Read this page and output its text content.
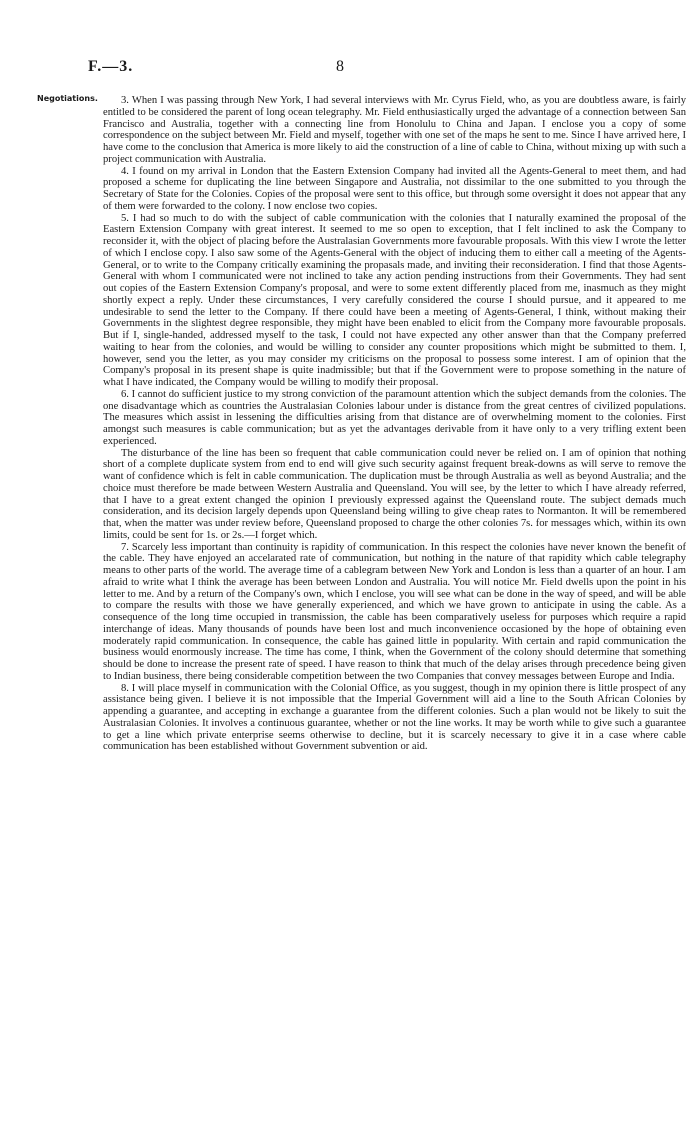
F.—3.	8
Negotiations.	3. When I was passing through New York, I had several interviews with Mr. Cyrus Field, who, as you are doubtless aware, is fairly entitled to be considered the parent of long ocean telegraphy. Mr. Field enthusiastically urged the advantage of a connection between San Francisco and Australia, together with a connecting line from Honolulu to China and Japan. I enclose you a copy of some correspondence on the subject between Mr. Field and myself, together with one set of the maps he sent to me. Since I have arrived here, I have come to the conclusion that America is more likely to aid the construction of a line of cable to China, without mixing up with such a project communication with Australia.

4. I found on my arrival in London that the Eastern Extension Company had invited all the Agents-General to meet them, and had proposed a scheme for duplicating the line between Singapore and Australia, not dissimilar to the one submitted to you through the Secretary of State for the Colonies. Copies of the proposal were sent to this office, but through some oversight it does not appear that any of them were forwarded to the colony. I now enclose two copies.

5. I had so much to do with the subject of cable communication with the colonies that I naturally examined the proposal of the Eastern Extension Company with great interest. It seemed to me so open to exception, that I felt inclined to ask the Company to reconsider it, with the object of placing before the Australasian Governments more favourable proposals. With this view I wrote the letter of which I enclose copy. I also saw some of the Agents-General with the object of inducing them to either call a meeting of the Agents-General, or to write to the Company critically examining the propasals made, and inviting their reconsideration. I find that those Agents-General with whom I communicated were not inclined to take any action pending instructions from their Governments. They had sent out copies of the Eastern Extension Company's proposal, and were to some extent differently placed from me, inasmuch as they might shortly expect a reply. Under these circumstances, I very carefully considered the course I should pursue, and it appeared to me undesirable to send the letter to the Company. If there could have been a meeting of Agents-General, I think, without making their Governments in the slightest degree responsible, they might have been enabled to elicit from the Company more favourable proposals. But if I, single-handed, addressed myself to the task, I could not have expected any other answer than that the Company preferred waiting to hear from the colonies, and would be willing to consider any counter propositions which might be submitted to them. I, however, send you the letter, as you may consider my criticisms on the proposal to possess some interest. I am of opinion that the Company's proposal in its present shape is quite inadmissible; but that if the Government were to propose something in the nature of what I have indicated, the Company would be willing to modify their proposal.

6. I cannot do sufficient justice to my strong conviction of the paramount attention which the subject demands from the colonies. The one disadvantage which as countries the Australasian Colonies labour under is distance from the great centres of civilized populations. The measures which assist in lessening the difficulties arising from that distance are of overwhelming moment to the colonies. First amongst such measures is cable communication; but as yet the advantages derivable from it have only to a very trifling extent been experienced.

The disturbance of the line has been so frequent that cable communication could never be relied on. I am of opinion that nothing short of a complete duplicate system from end to end will give such security against frequent break-downs as will serve to remove the want of confidence which is felt in cable communication. The duplication must be through Australia as well as beyond Australia; and the choice must therefore be made between Western Australia and Queensland. You will see, by the letter to which I have already referred, that I have to a great extent changed the opinion I previously expressed against the Queensland route. The subject demads much consideration, and its decision largely depends upon Queensland being willing to give cheap rates to Normanton. It will be remembered that, when the matter was under review before, Queensland proposed to charge the other colonies 7s. for messages which, within its own limits, could be sent for 1s. or 2s.—I forget which.

7. Scarcely less important than continuity is rapidity of communication. In this respect the colonies have never known the benefit of the cable. They have enjoyed an accelarated rate of communication, but nothing in the nature of that rapidity which cable telegraphy means to other parts of the world. The average time of a cablegram between New York and London is less than a quarter of an hour. I am afraid to write what I think the average has been between London and Australia. You will notice Mr. Field dwells upon the point in his letter to me. And by a return of the Company's own, which I enclose, you will see what can be done in the way of speed, and will be able to compare the results with those we have generally experienced, and which we have grown to anticipate in using the cable. As a consequence of the long time occupied in transmission, the cable has been comparatively useless for purposes which require a rapid interchange of ideas. Many thousands of pounds have been lost and much inconvenience occasioned by the hope of obtaining even moderately rapid communication. In consequence, the cable has gained little in popularity. With certain and rapid communication the business would enormously increase. The time has come, I think, when the Government of the colony should determine that something should be done to increase the present rate of speed. I have reason to think that much of the delay arises through precedence being given to Indian business, there being considerable competition between the two Companies that convey messages between Europe and India.

8. I will place myself in communication with the Colonial Office, as you suggest, though in my opinion there is little prospect of any assistance being given. I believe it is not impossible that the Imperial Government will aid a line to the South African Colonies by appending a guarantee, and accepting in exchange a guarantee from the different colonies. Such a plan would not be likely to suit the Australasian Colonies. It involves a continuous guarantee, whether or not the line works. It may be worth while to give such a guarantee to get a line which private enterprise seems otherwise to decline, but it is scarcely necessary to give it in a case where cable communication has been established without Government subvention or aid.
